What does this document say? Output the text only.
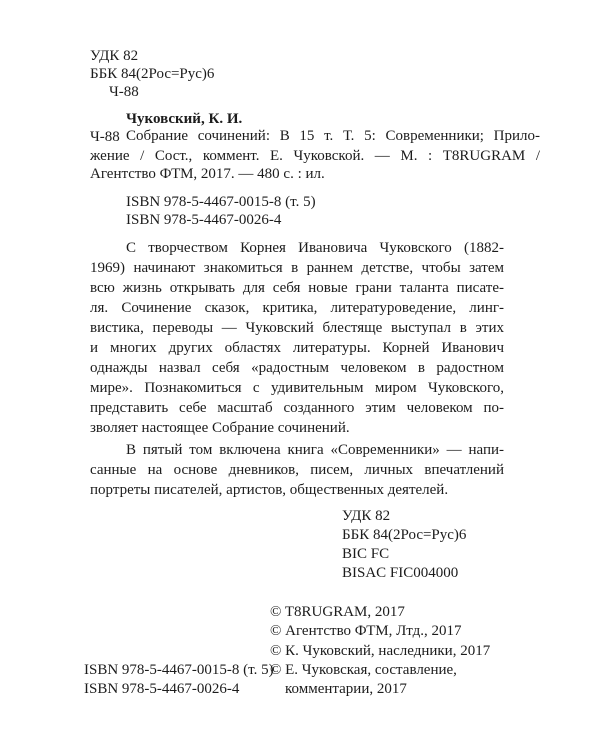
УДК 82
ББК 84(2Рос=Рус)6
Ч-88
Чуковский, К. И.
Ч-88 Собрание сочинений: В 15 т. Т. 5: Современники; Прило-
жение / Сост., коммент. Е. Чуковской. — М. : T8RUGRAM /
Агентство ФТМ, 2017. — 480 с. : ил.
ISBN 978-5-4467-0015-8 (т. 5)
ISBN 978-5-4467-0026-4
С творчеством Корнея Ивановича Чуковского (1882-
1969) начинают знакомиться в раннем детстве, чтобы затем
всю жизнь открывать для себя новые грани таланта писате-
ля. Сочинение сказок, критика, литературоведение, линг-
вистика, переводы — Чуковский блестяще выступал в этих
и многих других областях литературы. Корней Иванович
однажды назвал себя «радостным человеком в радостном
мире». Познакомиться с удивительным миром Чуковского,
представить себе масштаб созданного этим человеком по-
зволяет настоящее Собрание сочинений.
В пятый том включена книга «Современники» — напи-
санные на основе дневников, писем, личных впечатлений
портреты писателей, артистов, общественных деятелей.
УДК 82
ББК 84(2Рос=Рус)6
BIC FC
BISAC FIC004000
© T8RUGRAM, 2017
© Агентство ФТМ, Лтд., 2017
© К. Чуковский, наследники, 2017
© Е. Чуковская, составление,
комментарии, 2017
ISBN 978-5-4467-0015-8 (т. 5)
ISBN 978-5-4467-0026-4
